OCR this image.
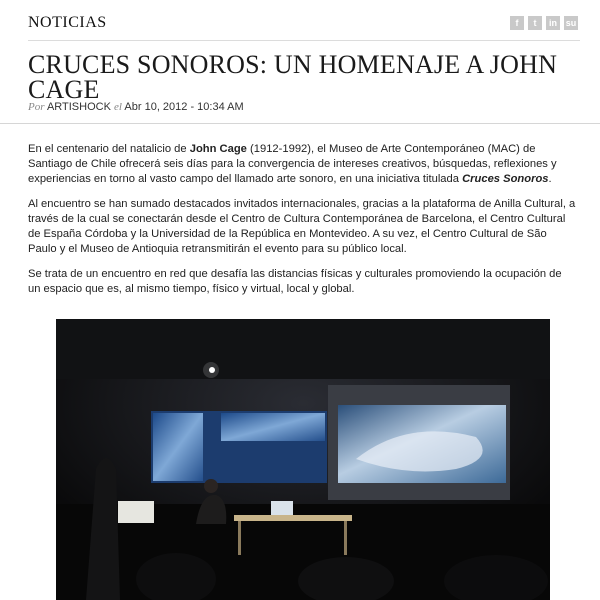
NOTICIAS	f	t	in su
CRUCES SONOROS: UN HOMENAJE A JOHN CAGE
Por ARTISHOCK el Abr 10, 2012 - 10:34 AM

En el centenario del natalicio de John Cage (1912-1992), el Museo de Arte Contemporáneo (MAC) de Santiago de Chile ofrecerá seis días para la convergencia de intereses creativos, búsquedas, reflexiones y experiencias en torno al vasto campo del llamado arte sonoro, en una iniciativa titulada Cruces Sonoros.

Al encuentro se han sumado destacados invitados internacionales, gracias a la plataforma de Anilla Cultural, a través de la cual se conectarán desde el Centro de Cultura Contemporánea de Barcelona, el Centro Cultural de España Córdoba y la Universidad de la República en Montevideo. A su vez, el Centro Cultural de São Paulo y el Museo de Antioquia retransmitirán el evento para su público local.

Se trata de un encuentro en red que desafía las distancias físicas y culturales promoviendo la ocupación de un espacio que es, al mismo tiempo, físico y virtual, local y global.
